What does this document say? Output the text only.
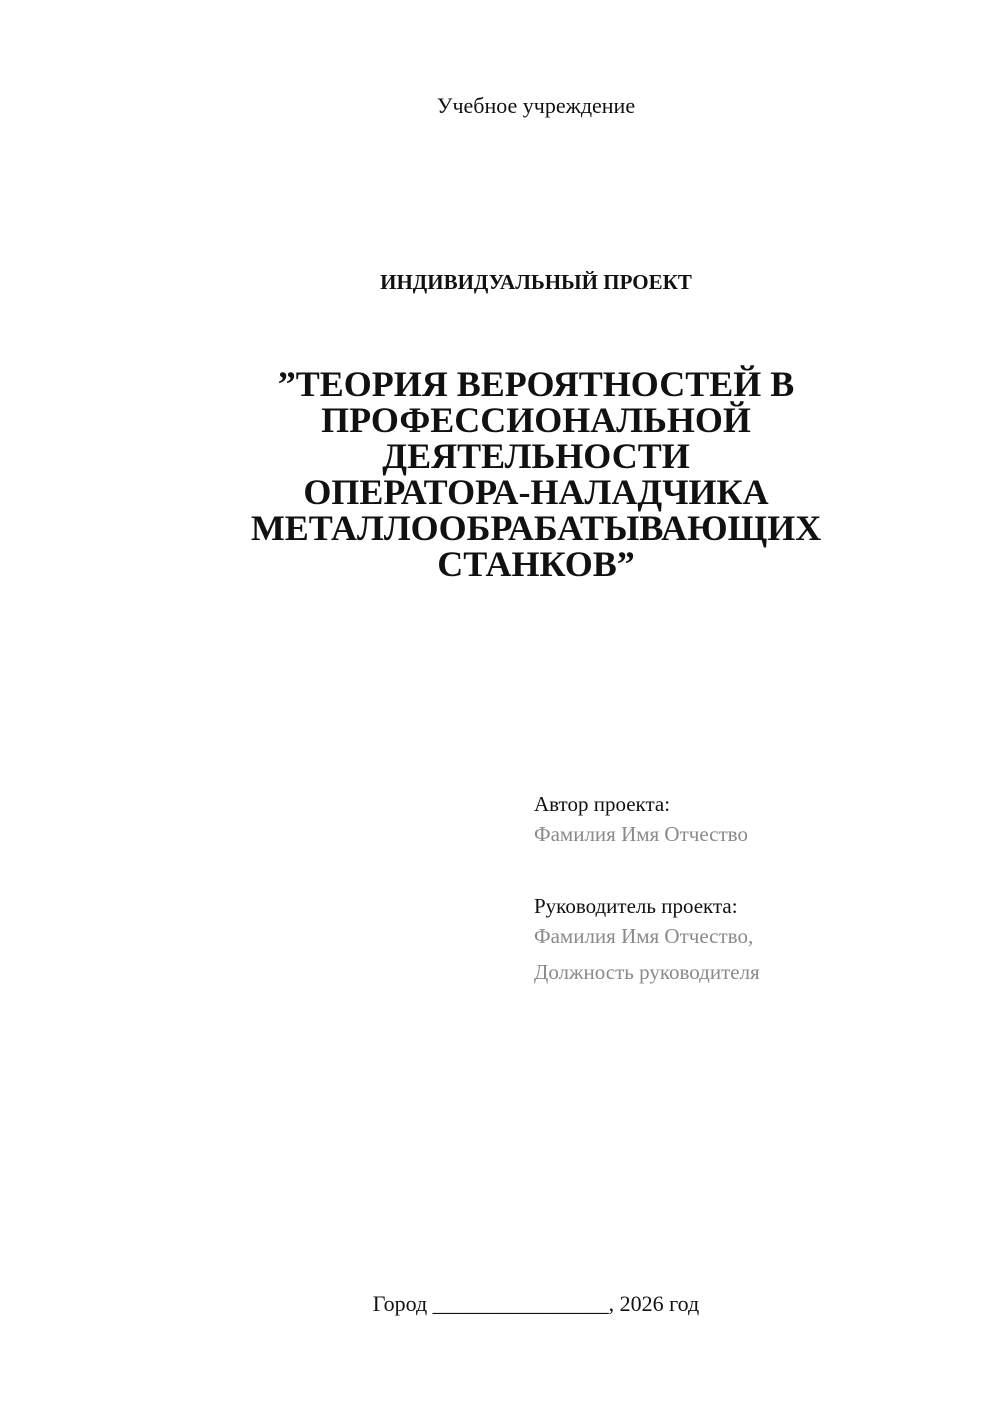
Учебное учреждение
ИНДИВИДУАЛЬНЫЙ ПРОЕКТ
”ТЕОРИЯ ВЕРОЯТНОСТЕЙ В
ПРОФЕССИОНАЛЬНОЙ
ДЕЯТЕЛЬНОСТИ
ОПЕРАТОРА-НАЛАДЧИКА
МЕТАЛЛООБРАБАТЫВАЮЩИХ
СТАНКОВ”
Автор проекта:
Фамилия Имя Отчество
Руководитель проекта:
Фамилия Имя Отчество,
Должность руководителя
Город ________________, 2026 год
